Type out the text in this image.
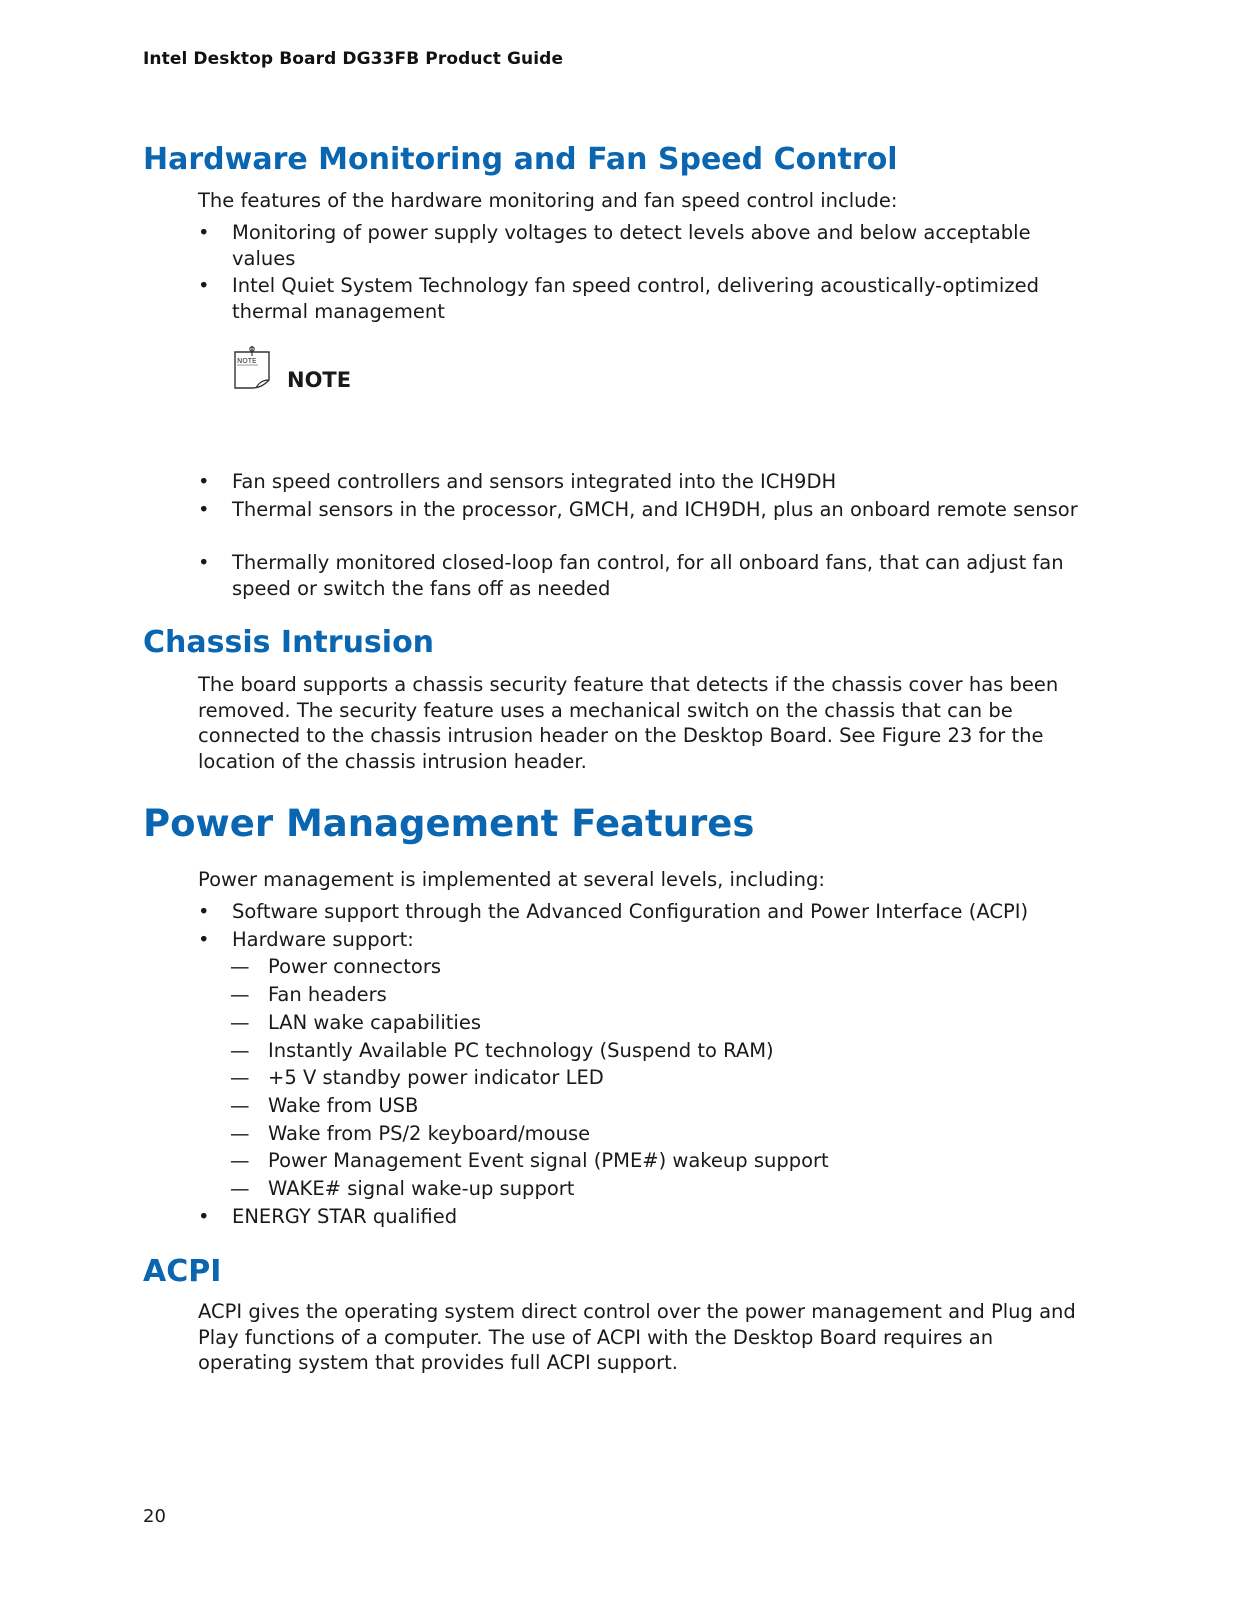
Intel Desktop Board DG33FB Product Guide
Hardware Monitoring and Fan Speed Control

The features of the hardware monitoring and fan speed control include:

•	Monitoring of power supply voltages to detect levels above and below acceptable values
•	Intel Quiet System Technology fan speed control, delivering acoustically-optimized thermal management
NOTE
NOTE
•	Fan speed controllers and sensors integrated into the ICH9DH
•	Thermal sensors in the processor, GMCH, and ICH9DH, plus an onboard remote sensor
•	Thermally monitored closed-loop fan control, for all onboard fans, that can adjust fan speed or switch the fans off as needed
Chassis Intrusion

The board supports a chassis security feature that detects if the chassis cover has been removed. The security feature uses a mechanical switch on the chassis that can be connected to the chassis intrusion header on the Desktop Board. See Figure 23 for the location of the chassis intrusion header.

Power Management Features

Power management is implemented at several levels, including:

•	Software support through the Advanced Configuration and Power Interface (ACPI)
•	Hardware support:
— Power connectors
— Fan headers
— LAN wake capabilities
— Instantly Available PC technology (Suspend to RAM)
— +5 V standby power indicator LED
— Wake from USB
— Wake from PS/2 keyboard/mouse
— Power Management Event signal (PME#) wakeup support
— WAKE# signal wake-up support
•	ENERGY STAR qualified
ACPI

ACPI gives the operating system direct control over the power management and Plug and Play functions of a computer. The use of ACPI with the Desktop Board requires an operating system that provides full ACPI support.

20
